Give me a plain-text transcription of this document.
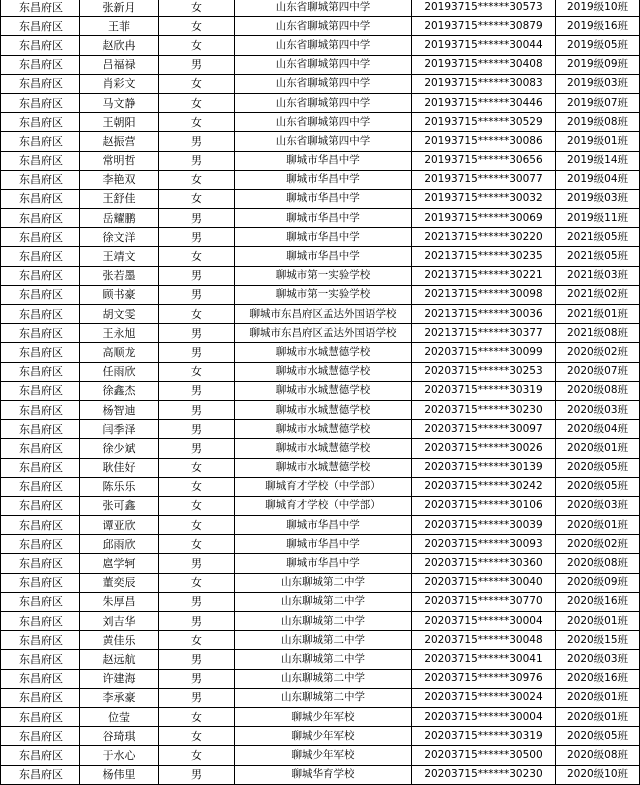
东昌府区	张新月	女	山东省聊城第四中学	20193715******30573	2019级10班
东昌府区	王菲	女	山东省聊城第四中学	20193715******30879	2019级16班
东昌府区	赵欣冉	女	山东省聊城第四中学	20193715******30044	2019级05班
东昌府区	吕福禄	男	山东省聊城第四中学	20193715******30408	2019级09班
东昌府区	肖彩文	女	山东省聊城第四中学	20193715******30083	2019级03班
东昌府区	马文静	女	山东省聊城第四中学	20193715******30446	2019级07班
东昌府区	王朝阳	女	山东省聊城第四中学	20193715******30529	2019级08班
东昌府区	赵振营	男	山东省聊城第四中学	20193715******30086	2019级01班
东昌府区	常明哲	男	聊城市华昌中学	20193715******30656	2019级14班
东昌府区	李艳双	女	聊城市华昌中学	20193715******30077	2019级04班
东昌府区	王舒佳	女	聊城市华昌中学	20193715******30032	2019级03班
东昌府区	岳耀鹏	男	聊城市华昌中学	20193715******30069	2019级11班
东昌府区	徐文洋	男	聊城市华昌中学	20213715******30220	2021级05班
东昌府区	王靖文	女	聊城市华昌中学	20213715******30235	2021级05班
东昌府区	张若墨	男	聊城市第一实验学校	20213715******30221	2021级03班
东昌府区	顾书豪	男	聊城市第一实验学校	20213715******30098	2021级02班
东昌府区	胡文雯	女	聊城市东昌府区孟达外国语学校	20213715******30036	2021级01班
东昌府区	王永旭	男	聊城市东昌府区孟达外国语学校	20213715******30377	2021级08班
东昌府区	高顺龙	男	聊城市水城慧德学校	20203715******30099	2020级02班
东昌府区	任雨欣	女	聊城市水城慧德学校	20203715******30253	2020级07班
东昌府区	徐鑫杰	男	聊城市水城慧德学校	20203715******30319	2020级08班
东昌府区	杨智迪	男	聊城市水城慧德学校	20203715******30230	2020级03班
东昌府区	闫季泽	男	聊城市水城慧德学校	20203715******30097	2020级04班
东昌府区	徐少斌	男	聊城市水城慧德学校	20203715******30026	2020级01班
东昌府区	耿佳好	女	聊城市水城慧德学校	20203715******30139	2020级05班
东昌府区	陈乐乐	女	聊城育才学校（中学部）	20203715******30242	2020级05班
东昌府区	张可鑫	女	聊城育才学校（中学部）	20203715******30106	2020级03班
东昌府区	谭亚欣	女	聊城市华昌中学	20203715******30039	2020级01班
东昌府区	邱雨欣	女	聊城市华昌中学	20203715******30093	2020级02班
东昌府区	扈学轲	男	聊城市华昌中学	20203715******30360	2020级08班
东昌府区	董奕辰	女	山东聊城第二中学	20203715******30040	2020级09班
东昌府区	朱厚昌	男	山东聊城第二中学	20203715******30770	2020级16班
东昌府区	刘吉华	男	山东聊城第二中学	20203715******30004	2020级01班
东昌府区	黄佳乐	女	山东聊城第二中学	20203715******30048	2020级15班
东昌府区	赵远航	男	山东聊城第二中学	20203715******30041	2020级03班
东昌府区	许建海	男	山东聊城第二中学	20203715******30976	2020级16班
东昌府区	李承豪	男	山东聊城第二中学	20203715******30024	2020级01班
东昌府区	位莹	女	聊城少年军校	20203715******30004	2020级01班
东昌府区	谷琦琪	女	聊城少年军校	20203715******30319	2020级05班
东昌府区	于水心	女	聊城少年军校	20203715******30500	2020级08班
东昌府区	杨伟里	男	聊城华育学校	20203715******30230	2020级10班
